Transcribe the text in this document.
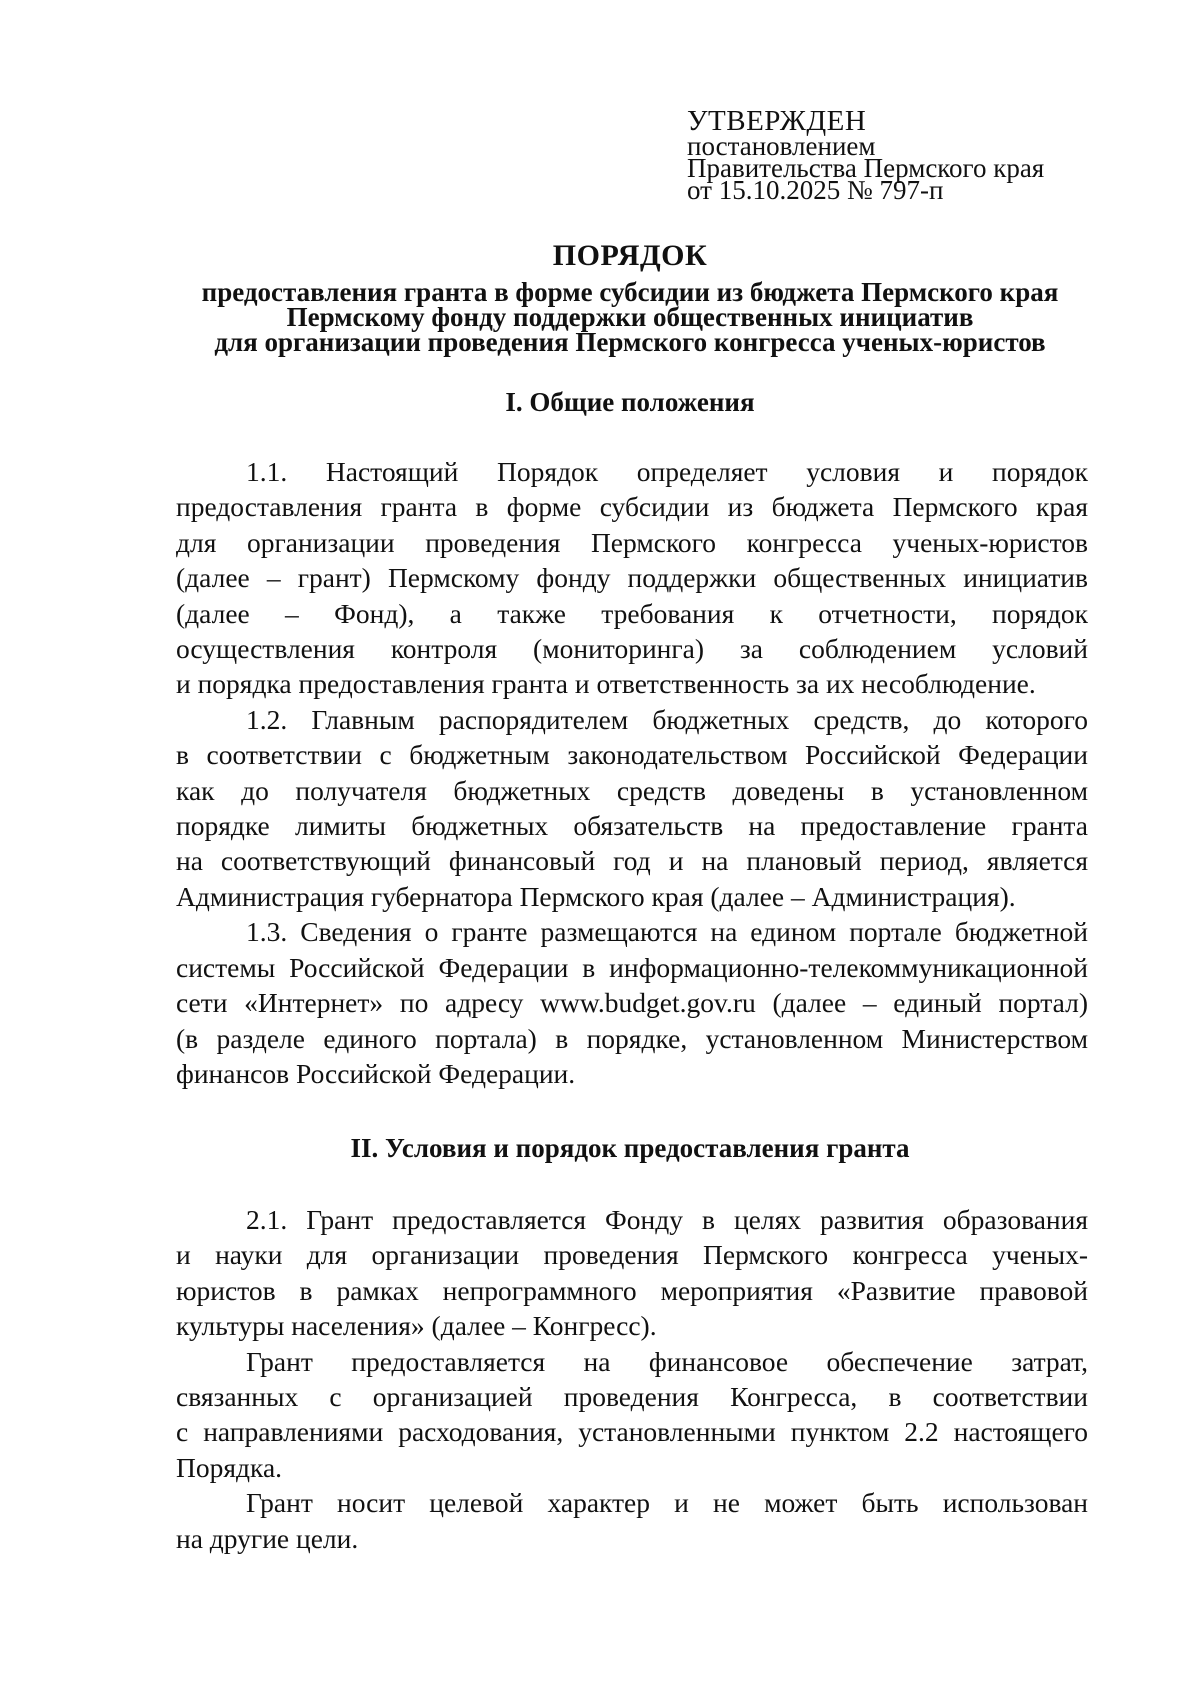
УТВЕРЖДЕН
постановлением
Правительства Пермского края
от 15.10.2025 № 797-п
ПОРЯДОК
предоставления гранта в форме субсидии из бюджета Пермского края
Пермскому фонду поддержки общественных инициатив
для организации проведения Пермского конгресса ученых-юристов
I. Общие положения
1.1. Настоящий Порядок определяет условия и порядок
предоставления гранта в форме субсидии из бюджета Пермского края
для организации проведения Пермского конгресса ученых-юристов
(далее – грант) Пермскому фонду поддержки общественных инициатив
(далее – Фонд), а также требования к отчетности, порядок
осуществления контроля (мониторинга) за соблюдением условий
и порядка предоставления гранта и ответственность за их несоблюдение.
1.2. Главным распорядителем бюджетных средств, до которого
в соответствии с бюджетным законодательством Российской Федерации
как до получателя бюджетных средств доведены в установленном
порядке лимиты бюджетных обязательств на предоставление гранта
на соответствующий финансовый год и на плановый период, является
Администрация губернатора Пермского края (далее – Администрация).
1.3. Сведения о гранте размещаются на едином портале бюджетной
системы Российской Федерации в информационно-телекоммуникационной
сети «Интернет» по адресу www.budget.gov.ru (далее – единый портал)
(в разделе единого портала) в порядке, установленном Министерством
финансов Российской Федерации.
II. Условия и порядок предоставления гранта
2.1. Грант предоставляется Фонду в целях развития образования
и науки для организации проведения Пермского конгресса ученых-
юристов в рамках непрограммного мероприятия «Развитие правовой
культуры населения» (далее – Конгресс).
Грант предоставляется на финансовое обеспечение затрат,
связанных с организацией проведения Конгресса, в соответствии
с направлениями расходования, установленными пунктом 2.2 настоящего
Порядка.
Грант носит целевой характер и не может быть использован
на другие цели.
